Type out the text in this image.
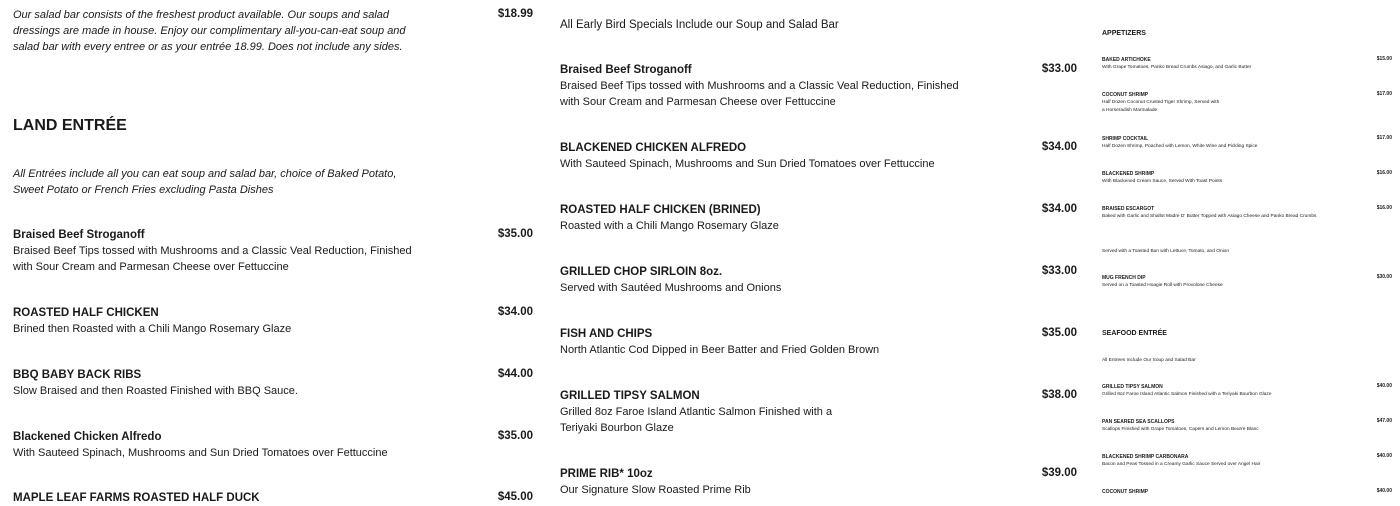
Our salad bar consists of the freshest product available. Our soups and salad dressings are made in house. Enjoy our complimentary all-you-can-eat soup and salad bar with every entree or as your entrée 18.99. Does not include any sides.

$18.99
LAND ENTRÉE

All Entrées include all you can eat soup and salad bar, choice of Baked Potato, Sweet Potato or French Fries excluding Pasta Dishes

Braised Beef Stroganoff
Braised Beef Tips tossed with Mushrooms and a Classic Veal Reduction, Finished with Sour Cream and Parmesan Cheese over Fettuccine
$35.00
ROASTED HALF CHICKEN
Brined then Roasted with a Chili Mango Rosemary Glaze
$34.00
BBQ BABY BACK RIBS
Slow Braised and then Roasted Finished with BBQ Sauce.
$44.00
Blackened Chicken Alfredo
With Sauteed Spinach, Mushrooms and Sun Dried Tomatoes over Fettuccine
$35.00
MAPLE LEAF FARMS ROASTED HALF DUCK	$45.00
All Early Bird Specials Include our Soup and Salad Bar
Braised Beef Stroganoff
Braised Beef Tips tossed with Mushrooms and a Classic Veal Reduction, Finished with Sour Cream and Parmesan Cheese over Fettuccine
$33.00
BLACKENED CHICKEN ALFREDO
With Sauteed Spinach, Mushrooms and Sun Dried Tomatoes over Fettuccine
$34.00
ROASTED HALF CHICKEN (BRINED)
Roasted with a Chili Mango Rosemary Glaze
$34.00
GRILLED CHOP SIRLOIN 8oz.
Served with Sautéed Mushrooms and Onions
$33.00
FISH AND CHIPS
North Atlantic Cod Dipped in Beer Batter and Fried Golden Brown
$35.00
GRILLED TIPSY SALMON
Grilled 8oz Faroe Island Atlantic Salmon Finished with a Teriyaki Bourbon Glaze
$38.00
PRIME RIB* 10oz
Our Signature Slow Roasted Prime Rib
$39.00
APPETIZERS
BAKED ARTICHOKE
With Grape Tomatoes, Panko Bread Crumbs Asiago, and Garlic Butter
$15.00
COCONUT SHRIMP
Half Dozen Coconut Crusted Tiger Shrimp, Served with a Horseradish Marmalade
$17.00
SHRIMP COCKTAIL
Half Dozen Shrimp, Poached with Lemon, White Wine and Pickling Spice
$17.00
BLACKENED SHRIMP
With Blackened Cream Sauce, Served With Toast Points
$16.00
BRAISED ESCARGOT
Baked with Garlic and Shallot Madre D' Butter Topped with Asiago Cheese and Panko Bread Crumbs
$16.00
Served with a Toasted Bun with Lettuce, Tomato, and Onion
MUG FRENCH DIP
Served on a Toasted Hoagie Roll with Provolone Cheese
$30.00
SEAFOOD ENTRÉE
All Entrees Include Our Soup and Salad Bar
GRILLED TIPSY SALMON
Grilled 8oz Faroe Island Atlantic Salmon Finished with a Teriyaki Bourbon Glaze
$40.00
PAN SEARED SEA SCALLOPS
Scallops Finished with Grape Tomatoes, Capers and Lemon Beurre Blanc
$47.00
BLACKENED SHRIMP CARBONARA
Bacon and Peas Tossed in a Creamy Garlic Sauce Served over Angel Hair
$40.00
COCONUT SHRIMP	$40.00
